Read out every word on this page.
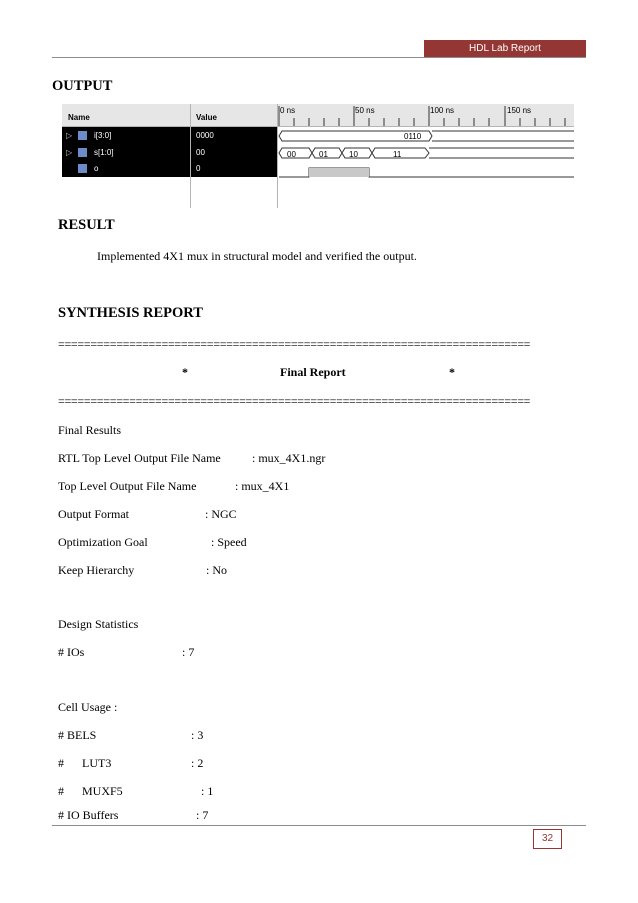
HDL Lab Report
OUTPUT
Name	Value
0 ns	50 ns	100 ns	150 ns
▷	i[3:0]	0000
▷	s[1:0]	00
o	0
0110
00	01	10	11
RESULT
Implemented 4X1 mux in structural model and verified the output.
SYNTHESIS REPORT
=========================================================================
*	Final Report	*
=========================================================================
Final Results
RTL Top Level Output File Name	: mux_4X1.ngr
Top Level Output File Name	: mux_4X1
Output Format	: NGC
Optimization Goal	: Speed
Keep Hierarchy	: No
Design Statistics
# IOs	: 7
Cell Usage :
# BELS	: 3
#      LUT3	: 2
#      MUXF5	: 1
# IO Buffers	: 7
32
